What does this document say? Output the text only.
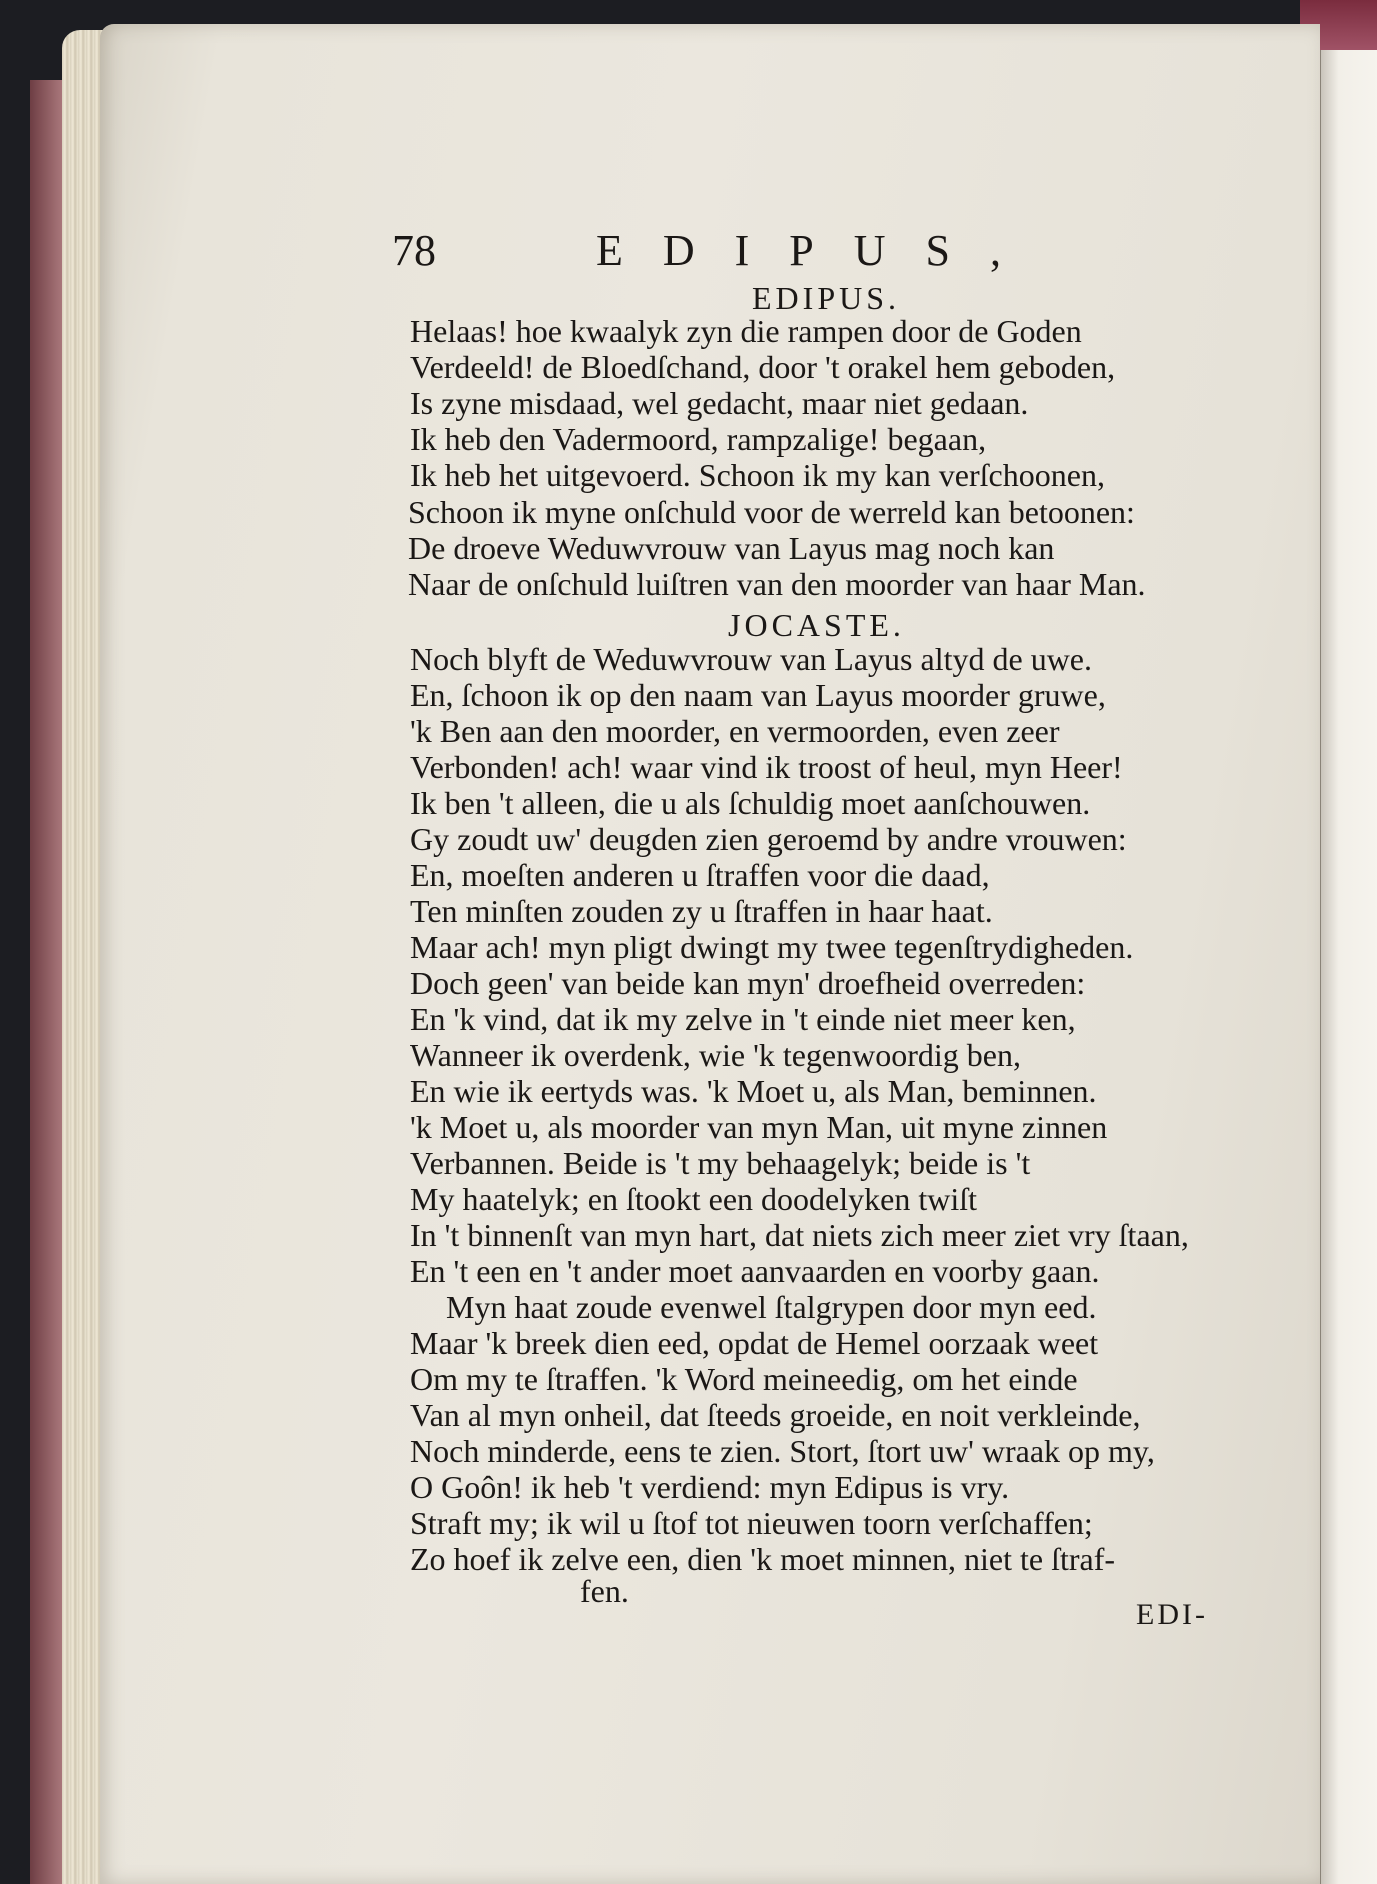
78	EDIPUS,
EDIPUS.
Helaas! hoe kwaalyk zyn die rampen door de Goden
Verdeeld! de Bloedſchand, door 't orakel hem geboden,
Is zyne misdaad, wel gedacht, maar niet gedaan.
Ik heb den Vadermoord, rampzalige! begaan,
Ik heb het uitgevoerd. Schoon ik my kan verſchoonen,
Schoon ik myne onſchuld voor de werreld kan betoonen:
De droeve Weduwvrouw van Layus mag noch kan
Naar de onſchuld luiſtren van den moorder van haar Man.
JOCASTE.
Noch blyft de Weduwvrouw van Layus altyd de uwe.
En, ſchoon ik op den naam van Layus moorder gruwe,
'k Ben aan den moorder, en vermoorden, even zeer
Verbonden! ach! waar vind ik troost of heul, myn Heer!
Ik ben 't alleen, die u als ſchuldig moet aanſchouwen.
Gy zoudt uw' deugden zien geroemd by andre vrouwen:
En, moeſten anderen u ſtraffen voor die daad,
Ten minſten zouden zy u ſtraffen in haar haat.
Maar ach! myn pligt dwingt my twee tegenſtrydigheden.
Doch geen' van beide kan myn' droefheid overreden:
En 'k vind, dat ik my zelve in 't einde niet meer ken,
Wanneer ik overdenk, wie 'k tegenwoordig ben,
En wie ik eertyds was. 'k Moet u, als Man, beminnen.
'k Moet u, als moorder van myn Man, uit myne zinnen
Verbannen. Beide is 't my behaagelyk; beide is 't
My haatelyk; en ſtookt een doodelyken twiſt
In 't binnenſt van myn hart, dat niets zich meer ziet vry ſtaan,
En 't een en 't ander moet aanvaarden en voorby gaan.
Myn haat zoude evenwel ſtalgrypen door myn eed.
Maar 'k breek dien eed, opdat de Hemel oorzaak weet
Om my te ſtraffen. 'k Word meineedig, om het einde
Van al myn onheil, dat ſteeds groeide, en noit verkleinde,
Noch minderde, eens te zien. Stort, ſtort uw' wraak op my,
O Goôn! ik heb 't verdiend: myn Edipus is vry.
Straft my; ik wil u ſtof tot nieuwen toorn verſchaffen;
Zo hoef ik zelve een, dien 'k moet minnen, niet te ſtraf-
fen.
EDI-
